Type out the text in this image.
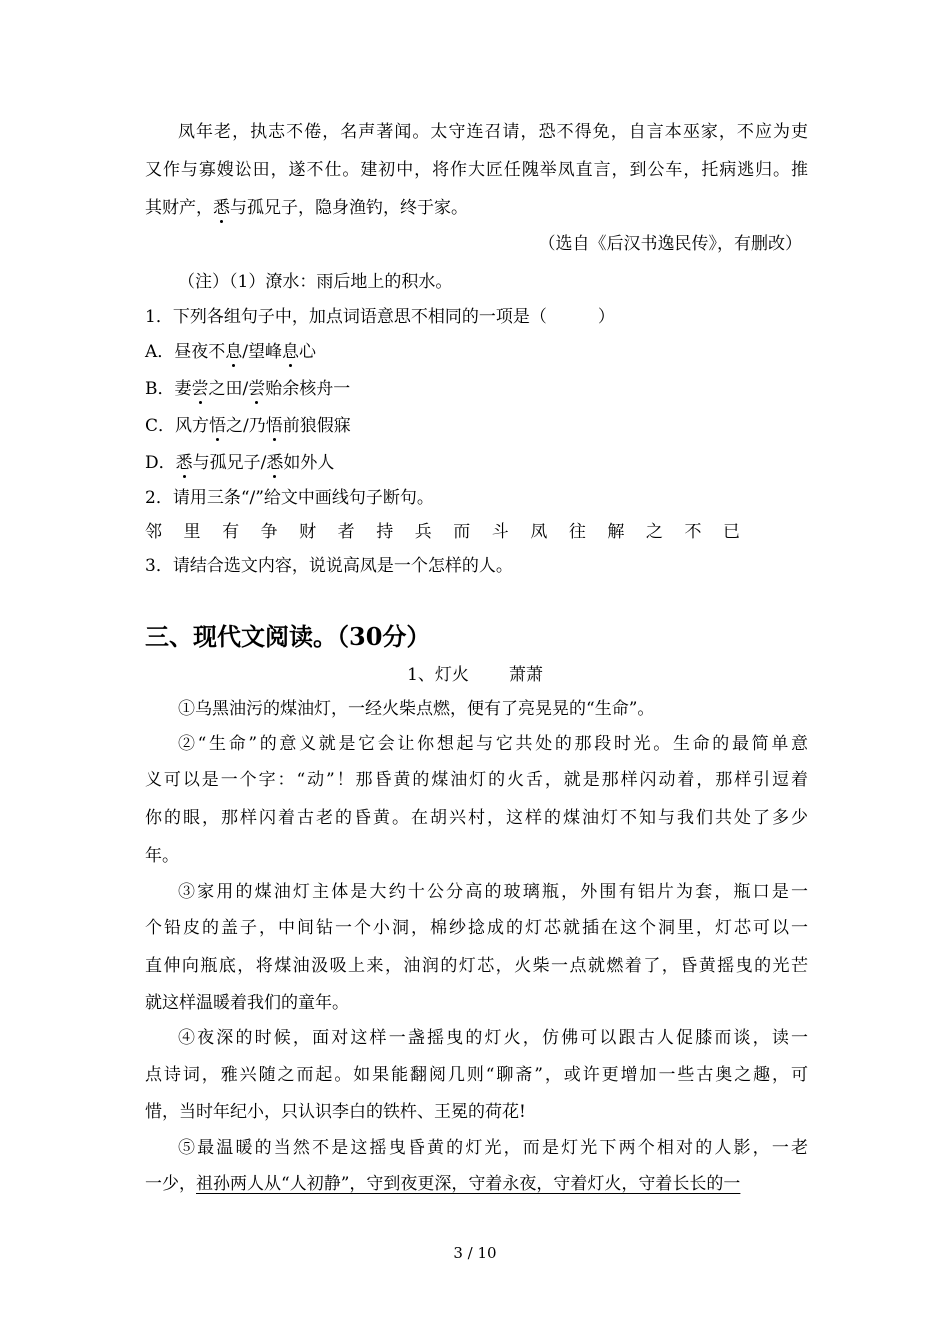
凤年老，执志不倦，名声著闻。太守连召请，恐不得免，自言本巫家，不应为吏
又作与寡嫂讼田，遂不仕。建初中，将作大匠任隗举凤直言，到公车，托病逃归。推
其财产，悉与孤兄子，隐身渔钓，终于家。
（选自《后汉书逸民传》，有删改）
（注）（1）潦水：雨后地上的积水。
1．下列各组句子中，加点词语意思不相同的一项是（　　　）
A．昼夜不息/望峰息心
B．妻尝之田/尝贻余核舟一
C．风方悟之/乃悟前狼假寐
D．悉与孤兄子/悉如外人
2．请用三条“/”给文中画线句子断句。
邻 里 有 争 财 者 持 兵 而 斗 凤 往 解 之 不 已
3．请结合选文内容，说说高凤是一个怎样的人。
三、现代文阅读。（30分）
1、灯火 萧萧
①乌黑油污的煤油灯，一经火柴点燃，便有了亮晃晃的“生命”。
②“生命”的意义就是它会让你想起与它共处的那段时光。生命的最简单意
义可以是一个字：“动”！那昏黄的煤油灯的火舌，就是那样闪动着，那样引逗着
你的眼，那样闪着古老的昏黄。在胡兴村，这样的煤油灯不知与我们共处了多少
年。
③家用的煤油灯主体是大约十公分高的玻璃瓶，外围有铝片为套，瓶口是一
个铅皮的盖子，中间钻一个小洞，棉纱捻成的灯芯就插在这个洞里，灯芯可以一
直伸向瓶底，将煤油汲吸上来，油润的灯芯，火柴一点就燃着了，昏黄摇曳的光芒
就这样温暖着我们的童年。
④夜深的时候，面对这样一盏摇曳的灯火，仿佛可以跟古人促膝而谈，读一
点诗词，雅兴随之而起。如果能翻阅几则“聊斋”，或许更增加一些古奥之趣，可
惜，当时年纪小，只认识李白的铁杵、王冕的荷花!
⑤最温暖的当然不是这摇曳昏黄的灯光，而是灯光下两个相对的人影，一老
一少，祖孙两人从“人初静”，守到夜更深，守着永夜，守着灯火，守着长长的一
3 / 10
